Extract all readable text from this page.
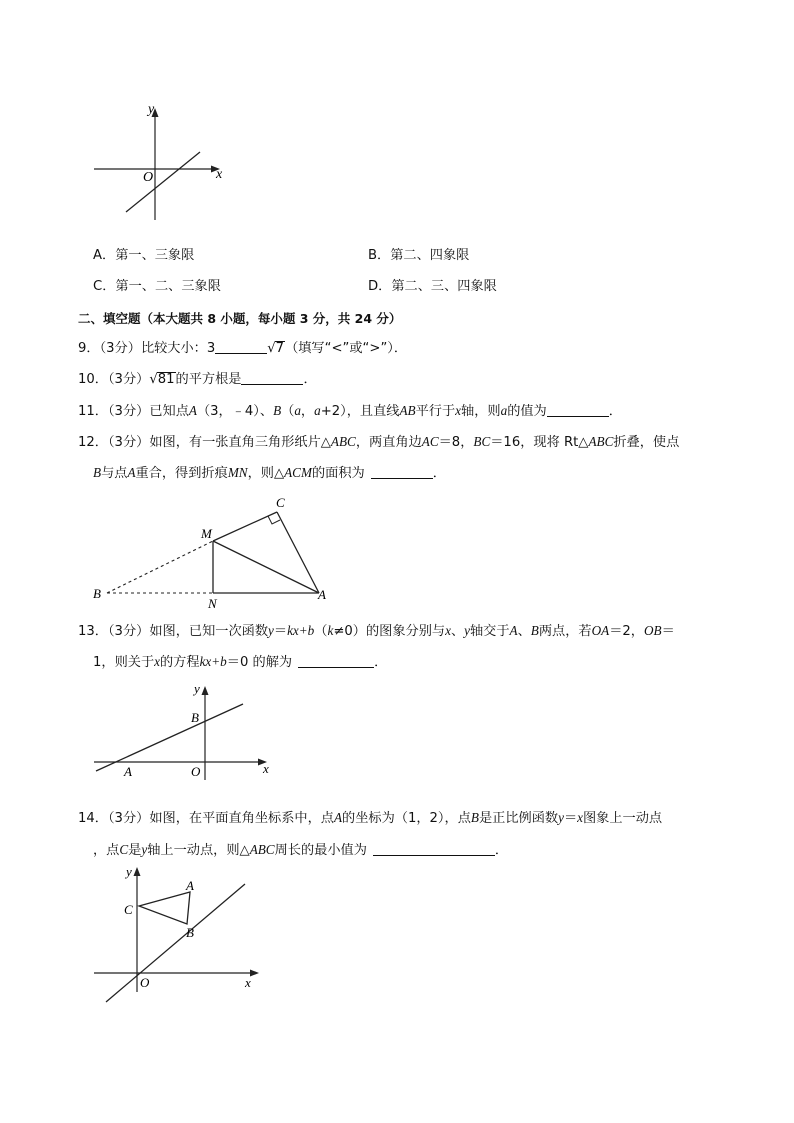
y
x
O
A．第一、三象限	B．第二、四象限
C．第一、二、三象限	D．第二、三、四象限
二、填空题（本大题共 8 小题，每小题 3 分，共 24 分）
9．（3分）比较大小：3	√7（填写“<”或“>”）．
10．（3分）√81的平方根是	．
11．（3分）已知点A（3，﹣4）、B（a，a+2），且直线AB平行于x轴，则a的值为	．
12．（3分）如图，有一张直角三角形纸片△ABC，两直角边AC＝8，BC＝16，现将 Rt△ABC折叠，使点
B与点A重合，得到折痕MN，则△ACM的面积为	．
C
M
B
N
A
13．（3分）如图，已知一次函数y＝kx+b（k≠0）的图象分别与x、y轴交于A、B两点，若OA＝2，OB＝
1，则关于x的方程kx+b＝0 的解为	．
y
B
A	O	x
14．（3分）如图，在平面直角坐标系中，点A的坐标为（1，2），点B是正比例函数y＝x图象上一动点
，点C是y轴上一动点，则△ABC周长的最小值为	．
y
A
C
B
O	x
